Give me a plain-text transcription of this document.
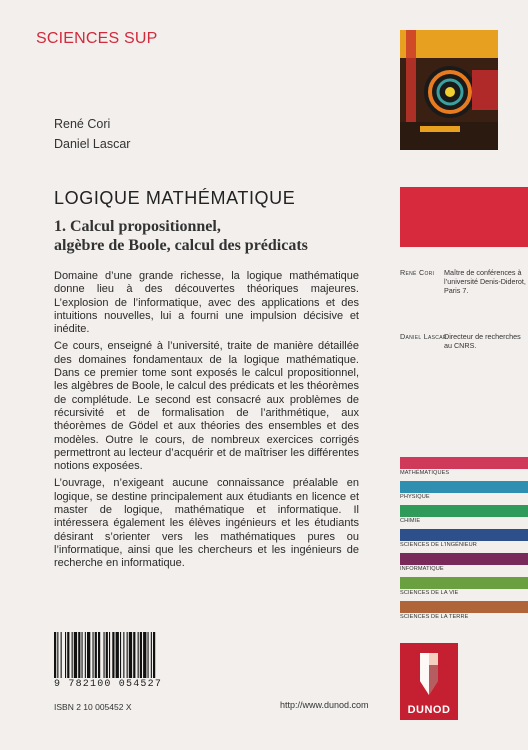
SCIENCES SUP
René Cori
Daniel Lascar
LOGIQUE MATHÉMATIQUE
1. Calcul propositionnel,
algèbre de Boole, calcul des prédicats

Domaine d’une grande richesse, la logique mathématique donne lieu à des découvertes théoriques majeures. L’explosion de l’informatique, avec des applications et des intuitions nouvelles, lui a fourni une impulsion décisive et inédite.

Ce cours, enseigné à l’université, traite de manière détaillée des domaines fondamentaux de la logique mathématique. Dans ce premier tome sont exposés le calcul propositionnel, les algèbres de Boole, le calcul des prédicats et les théorèmes de complétude. Le second est consacré aux problèmes de récursivité et de formalisation de l’arithmétique, aux théorèmes de Gödel et aux théories des ensembles et des modèles. Outre le cours, de nombreux exercices corrigés permettront au lecteur d’acquérir et de maîtriser les différentes notions exposées.

L’ouvrage, n’exigeant aucune connaissance préalable en logique, se destine principalement aux étudiants en licence et master de logique, mathématique et informatique. Il intéressera également les élèves ingénieurs et les étudiants désirant s’orienter vers les mathématiques pures ou l’informatique, ainsi que les chercheurs et les ingénieurs de recherche en informatique.

René Cori Maître de conférences à l’université Denis-Diderot, Paris 7.
Daniel Lascar
Directeur de recherches au CNRS.
MATHÉMATIQUES
PHYSIQUE
CHIMIE
SCIENCES DE L’INGÉNIEUR
INFORMATIQUE
SCIENCES DE LA VIE
SCIENCES DE LA TERRE
9 782100 054527
ISBN 2 10 005452 X	http://www.dunod.com	DUNOD
